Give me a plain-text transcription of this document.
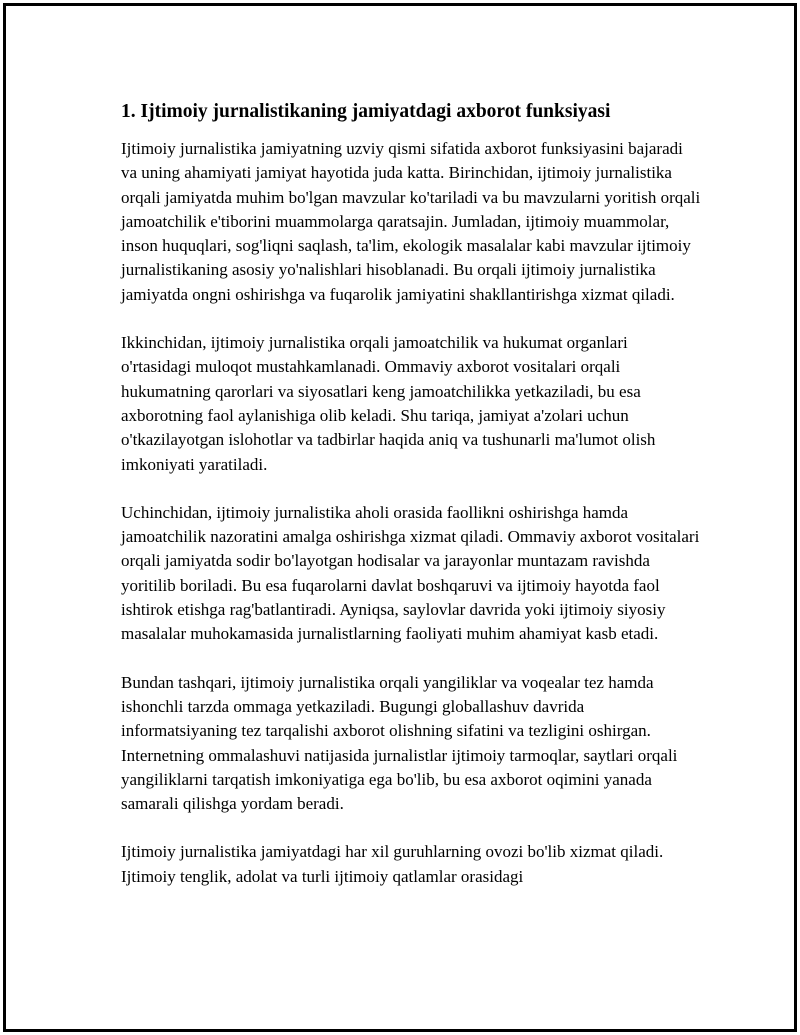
1. Ijtimoiy jurnalistikaning jamiyatdagi axborot funksiyasi

Ijtimoiy jurnalistika jamiyatning uzviy qismi sifatida axborot funksiyasini bajaradi va uning ahamiyati jamiyat hayotida juda katta. Birinchidan, ijtimoiy jurnalistika orqali jamiyatda muhim bo'lgan mavzular ko'tariladi va bu mavzularni yoritish orqali jamoatchilik e'tiborini muammolarga qaratsajin. Jumladan, ijtimoiy muammolar, inson huquqlari, sog'liqni saqlash, ta'lim, ekologik masalalar kabi mavzular ijtimoiy jurnalistikaning asosiy yo'nalishlari hisoblanadi. Bu orqali ijtimoiy jurnalistika jamiyatda ongni oshirishga va fuqarolik jamiyatini shakllantirishga xizmat qiladi.

Ikkinchidan, ijtimoiy jurnalistika orqali jamoatchilik va hukumat organlari o'rtasidagi muloqot mustahkamlanadi. Ommaviy axborot vositalari orqali hukumatning qarorlari va siyosatlari keng jamoatchilikka yetkaziladi, bu esa axborotning faol aylanishiga olib keladi. Shu tariqa, jamiyat a'zolari uchun o'tkazilayotgan islohotlar va tadbirlar haqida aniq va tushunarli ma'lumot olish imkoniyati yaratiladi.

Uchinchidan, ijtimoiy jurnalistika aholi orasida faollikni oshirishga hamda jamoatchilik nazoratini amalga oshirishga xizmat qiladi. Ommaviy axborot vositalari orqali jamiyatda sodir bo'layotgan hodisalar va jarayonlar muntazam ravishda yoritilib boriladi. Bu esa fuqarolarni davlat boshqaruvi va ijtimoiy hayotda faol ishtirok etishga rag'batlantiradi. Ayniqsa, saylovlar davrida yoki ijtimoiy siyosiy masalalar muhokamasida jurnalistlarning faoliyati muhim ahamiyat kasb etadi.

Bundan tashqari, ijtimoiy jurnalistika orqali yangiliklar va voqealar tez hamda ishonchli tarzda ommaga yetkaziladi. Bugungi globallashuv davrida informatsiyaning tez tarqalishi axborot olishning sifatini va tezligini oshirgan. Internetning ommalashuvi natijasida jurnalistlar ijtimoiy tarmoqlar, saytlari orqali yangiliklarni tarqatish imkoniyatiga ega bo'lib, bu esa axborot oqimini yanada samarali qilishga yordam beradi.

Ijtimoiy jurnalistika jamiyatdagi har xil guruhlarning ovozi bo'lib xizmat qiladi. Ijtimoiy tenglik, adolat va turli ijtimoiy qatlamlar orasidagi
